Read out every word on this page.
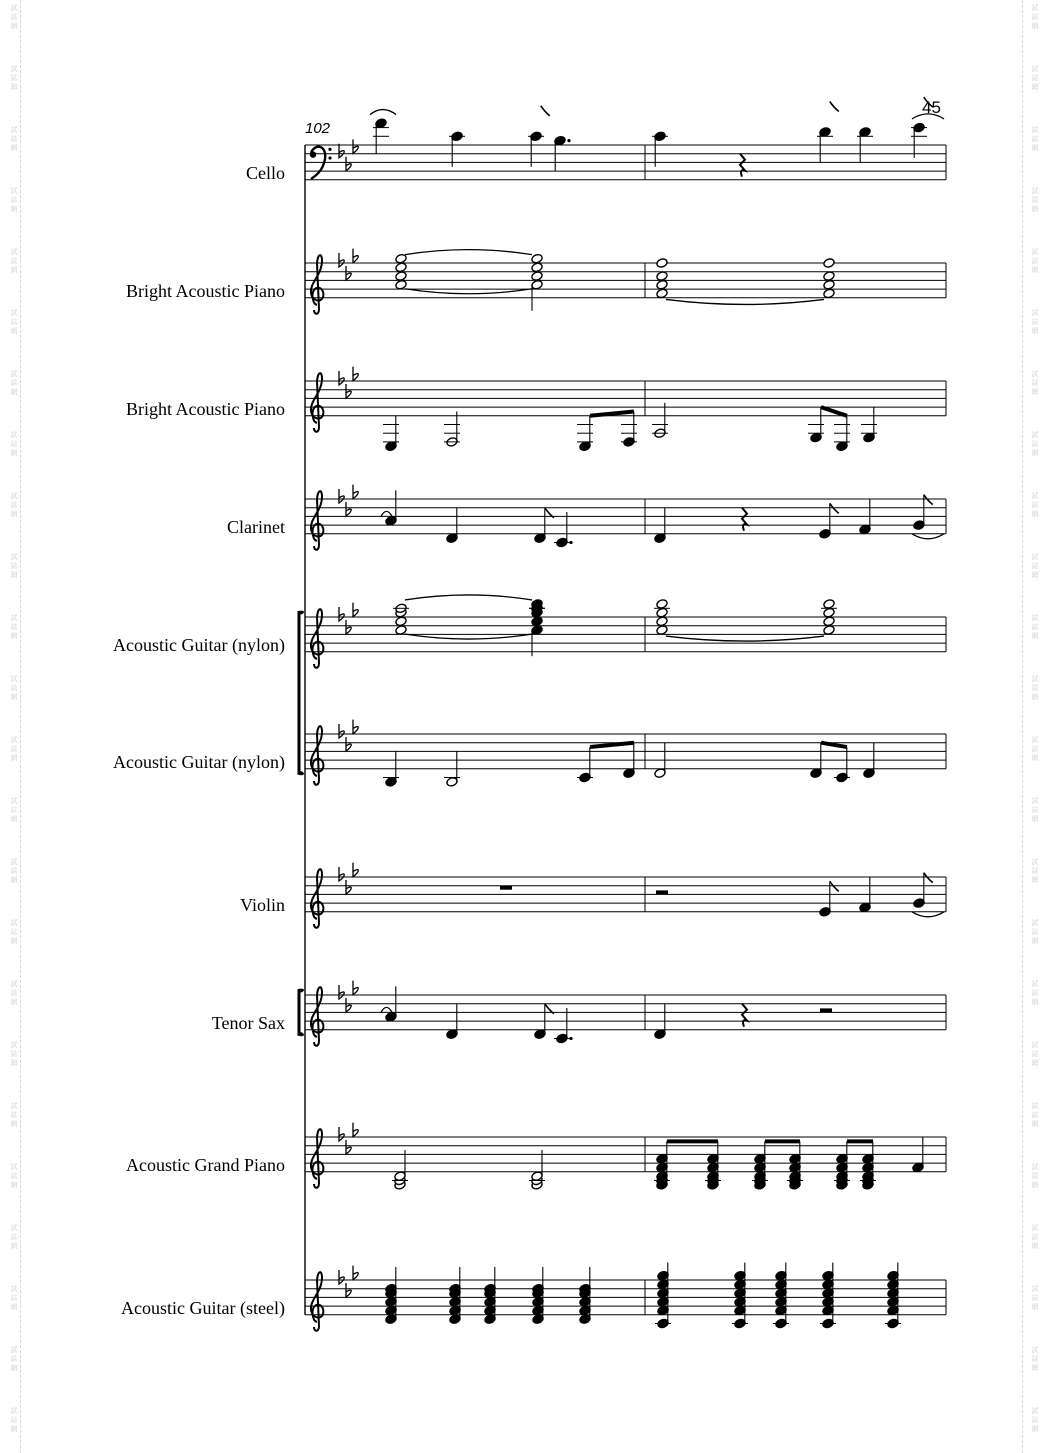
試
誌
網
試
誌
網
試
誌
網
試
誌
網
試
誌
網
試
誌
網
試
誌
網
試
誌
網
試
誌
網
試
誌
網
試
誌
網
試
誌
網
試
誌
網
試
誌
網
試
誌
網
試
誌
網
試
誌
網
試
誌
網
試
誌
網
試
誌
網
試
誌
網
試
誌
網
試
誌
網
試
誌
網
試
誌
網
試
誌
網
試
誌
網
試
誌
網
試
誌
網
試
誌
網
試
誌
網
試
誌
網
試
誌
網
試
誌
網
試
誌
網
試
誌
網
試
誌
網
試
誌
網
試
誌
網
試
誌
網
試
誌
網
試
誌
網
試
誌
網
試
誌
網
試
誌
網
試
誌
網
試
誌
網
試
誌
網
45
102
Cello
Bright Acoustic Piano
Bright Acoustic Piano
Clarinet
Acoustic Guitar (nylon)
Acoustic Guitar (nylon)
Violin
Tenor Sax
Acoustic Grand Piano
Acoustic Guitar (steel)
